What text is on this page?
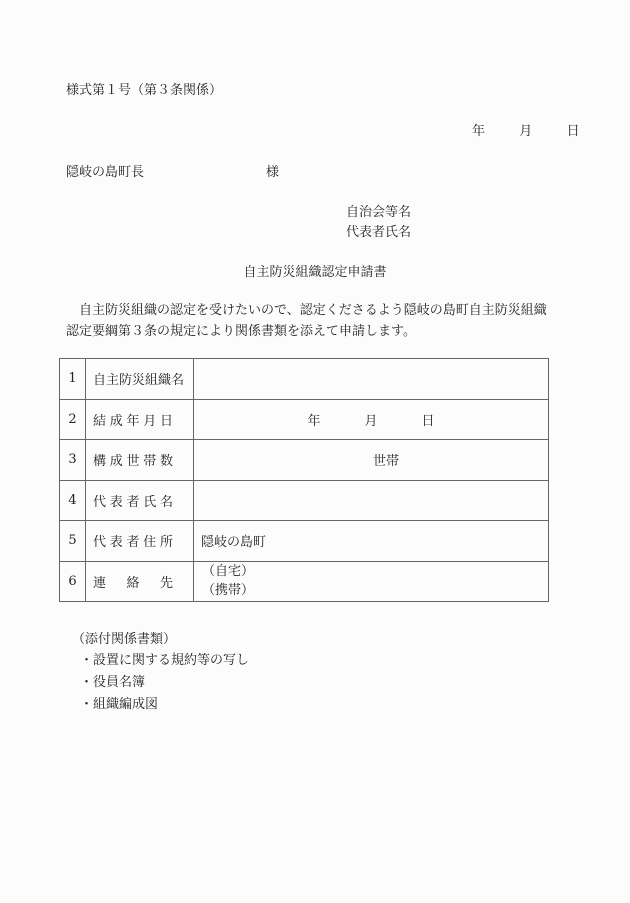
様式第１号（第３条関係）
年	月	日
隠岐の島町長	様
自治会等名
代表者氏名
自主防災組織認定申請書
自主防災組織の認定を受けたいので、認定くださるよう隠岐の島町自主防災組織
認定要綱第３条の規定により関係書類を添えて申請します。
1	自主防災組織名	
2	結 成 年 月 日	年 月 日

3	構 成 世 帯 数	世帯
4	代 表 者 氏 名	

5	代 表 者 住 所	隠岐の島町
6	連 絡 先

（自宅）
（携帯）
（添付関係書類）
・ 設置に関する規約等の写し
・ 役員名簿
・ 組織編成図
